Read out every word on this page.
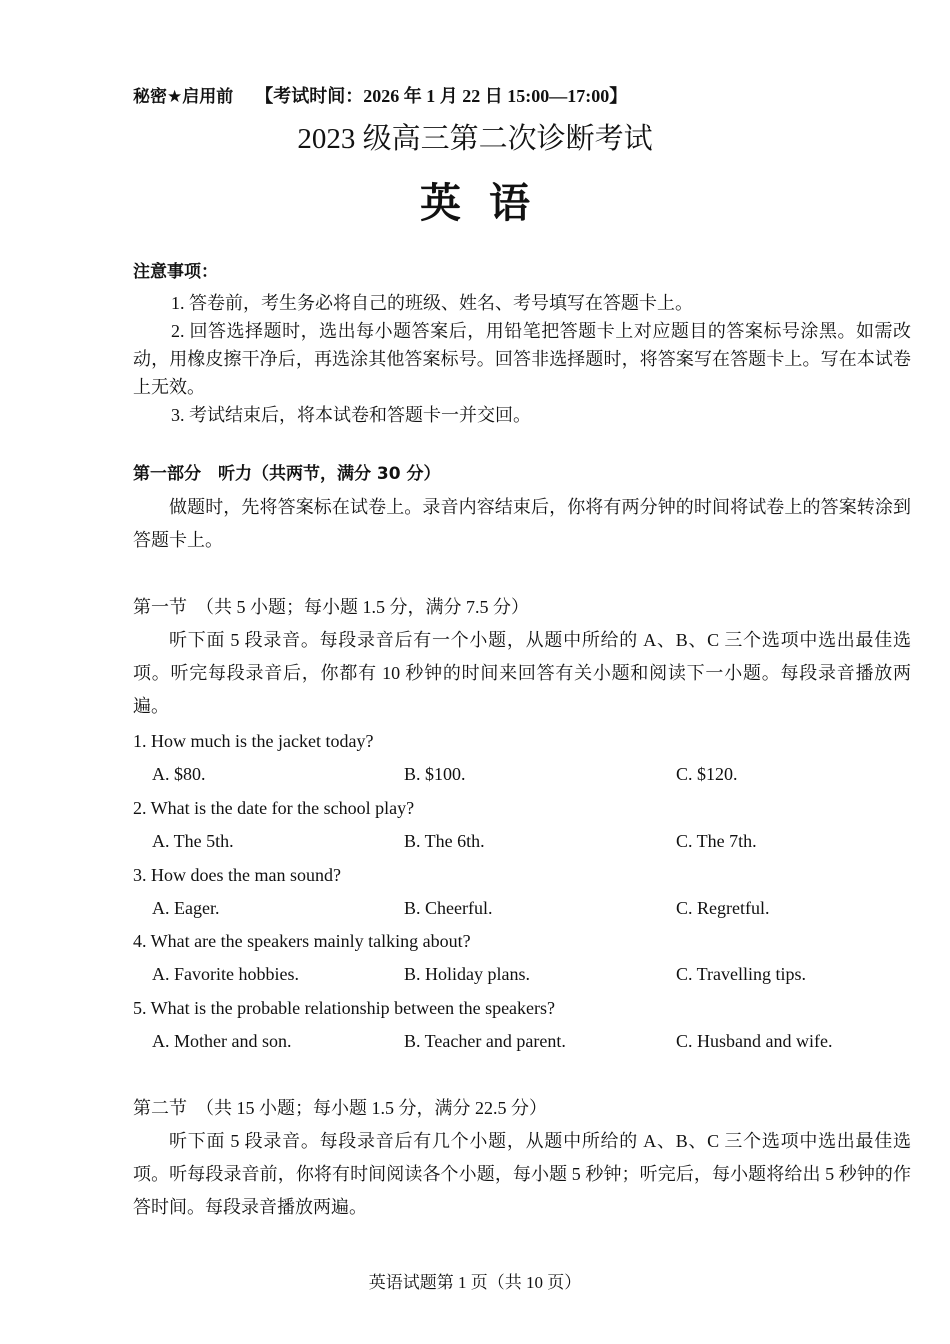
秘密★启用前 【考试时间：2026 年 1 月 22 日 15:00—17:00】
2023 级高三第二次诊断考试
英语
注意事项：
1. 答卷前，考生务必将自己的班级、姓名、考号填写在答题卡上。
2. 回答选择题时，选出每小题答案后，用铅笔把答题卡上对应题目的答案标号涂黑。如需改动，用橡皮擦干净后，再选涂其他答案标号。回答非选择题时，将答案写在答题卡上。写在本试卷上无效。
3. 考试结束后，将本试卷和答题卡一并交回。
第一部分　听力（共两节，满分 30 分）
做题时，先将答案标在试卷上。录音内容结束后，你将有两分钟的时间将试卷上的答案转涂到答题卡上。
第一节　（共 5 小题；每小题 1.5 分，满分 7.5 分）
听下面 5 段录音。每段录音后有一个小题，从题中所给的 A、B、C 三个选项中选出最佳选项。听完每段录音后，你都有 10 秒钟的时间来回答有关小题和阅读下一小题。每段录音播放两遍。
1. How much is the jacket today?
A. $80.	B. $100.	C. $120.
2. What is the date for the school play?
A. The 5th.	B. The 6th.	C. The 7th.
3. How does the man sound?
A. Eager.	B. Cheerful.	C. Regretful.
4. What are the speakers mainly talking about?
A. Favorite hobbies.	B. Holiday plans.	C. Travelling tips.
5. What is the probable relationship between the speakers?
A. Mother and son.	B. Teacher and parent.	C. Husband and wife.
第二节　（共 15 小题；每小题 1.5 分，满分 22.5 分）
听下面 5 段录音。每段录音后有几个小题，从题中所给的 A、B、C 三个选项中选出最佳选项。听每段录音前，你将有时间阅读各个小题，每小题 5 秒钟；听完后，每小题将给出 5 秒钟的作答时间。每段录音播放两遍。
英语试题第 1 页（共 10 页）
